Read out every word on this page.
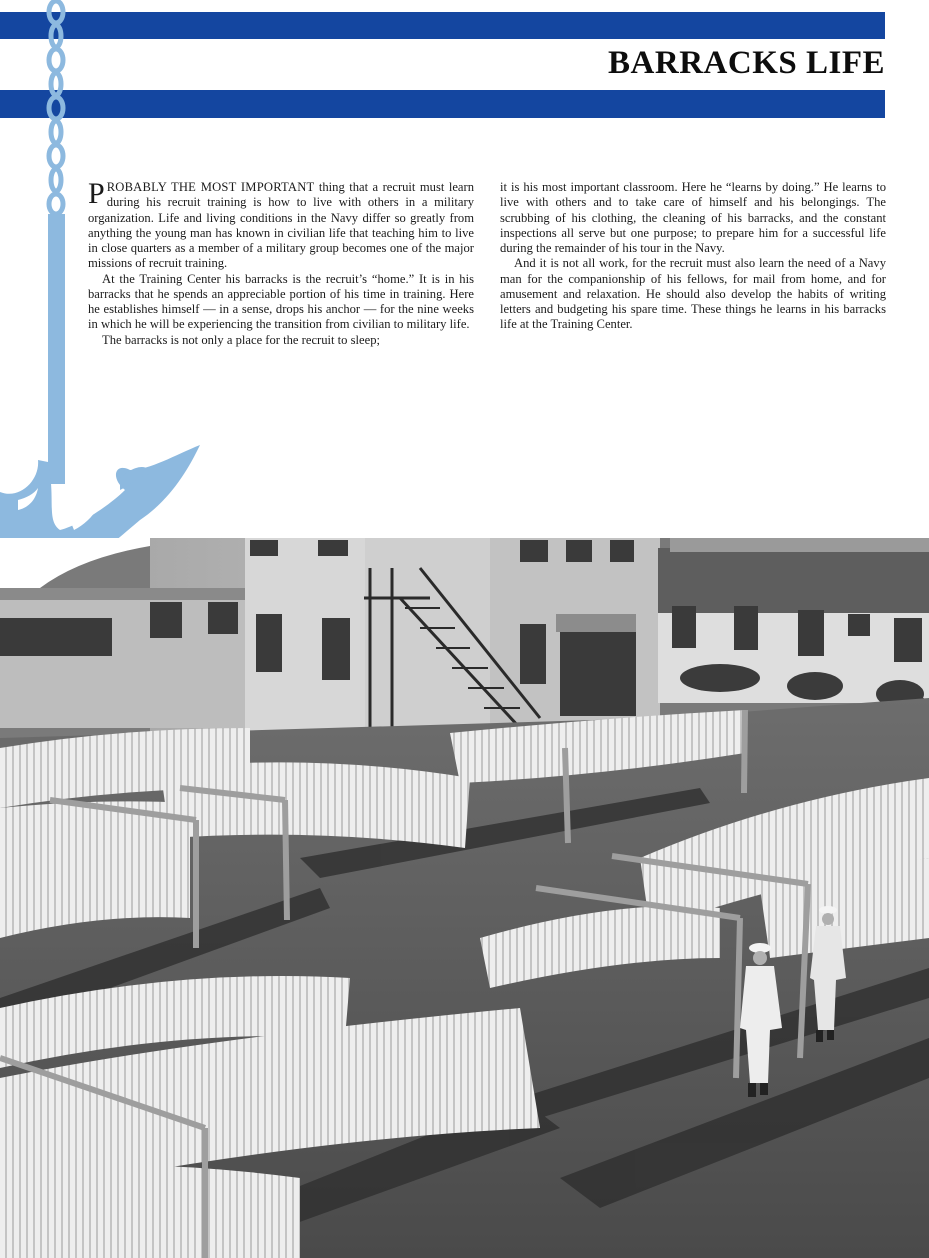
BARRACKS LIFE

PROBABLY THE MOST IMPORTANT thing that a recruit must learn during his recruit training is how to live with others in a military organization. Life and living conditions in the Navy differ so greatly from anything the young man has known in civilian life that teaching him to live in close quarters as a member of a military group becomes one of the major missions of recruit training.

At the Training Center his barracks is the recruit’s “home.” It is in his barracks that he spends an appreciable portion of his time in training. Here he establishes himself — in a sense, drops his anchor — for the nine weeks in which he will be experiencing the transition from civilian to military life.

The barracks is not only a place for the recruit to sleep;

it is his most important classroom. Here he “learns by doing.” He learns to live with others and to take care of himself and his belongings. The scrubbing of his clothing, the cleaning of his barracks, and the constant inspections all serve but one purpose; to prepare him for a successful life during the remainder of his tour in the Navy.

And it is not all work, for the recruit must also learn the need of a Navy man for the companionship of his fellows, for mail from home, and for amusement and relaxation. He should also develop the habits of writing letters and budgeting his spare time. These things he learns in his barracks life at the Training Center.
